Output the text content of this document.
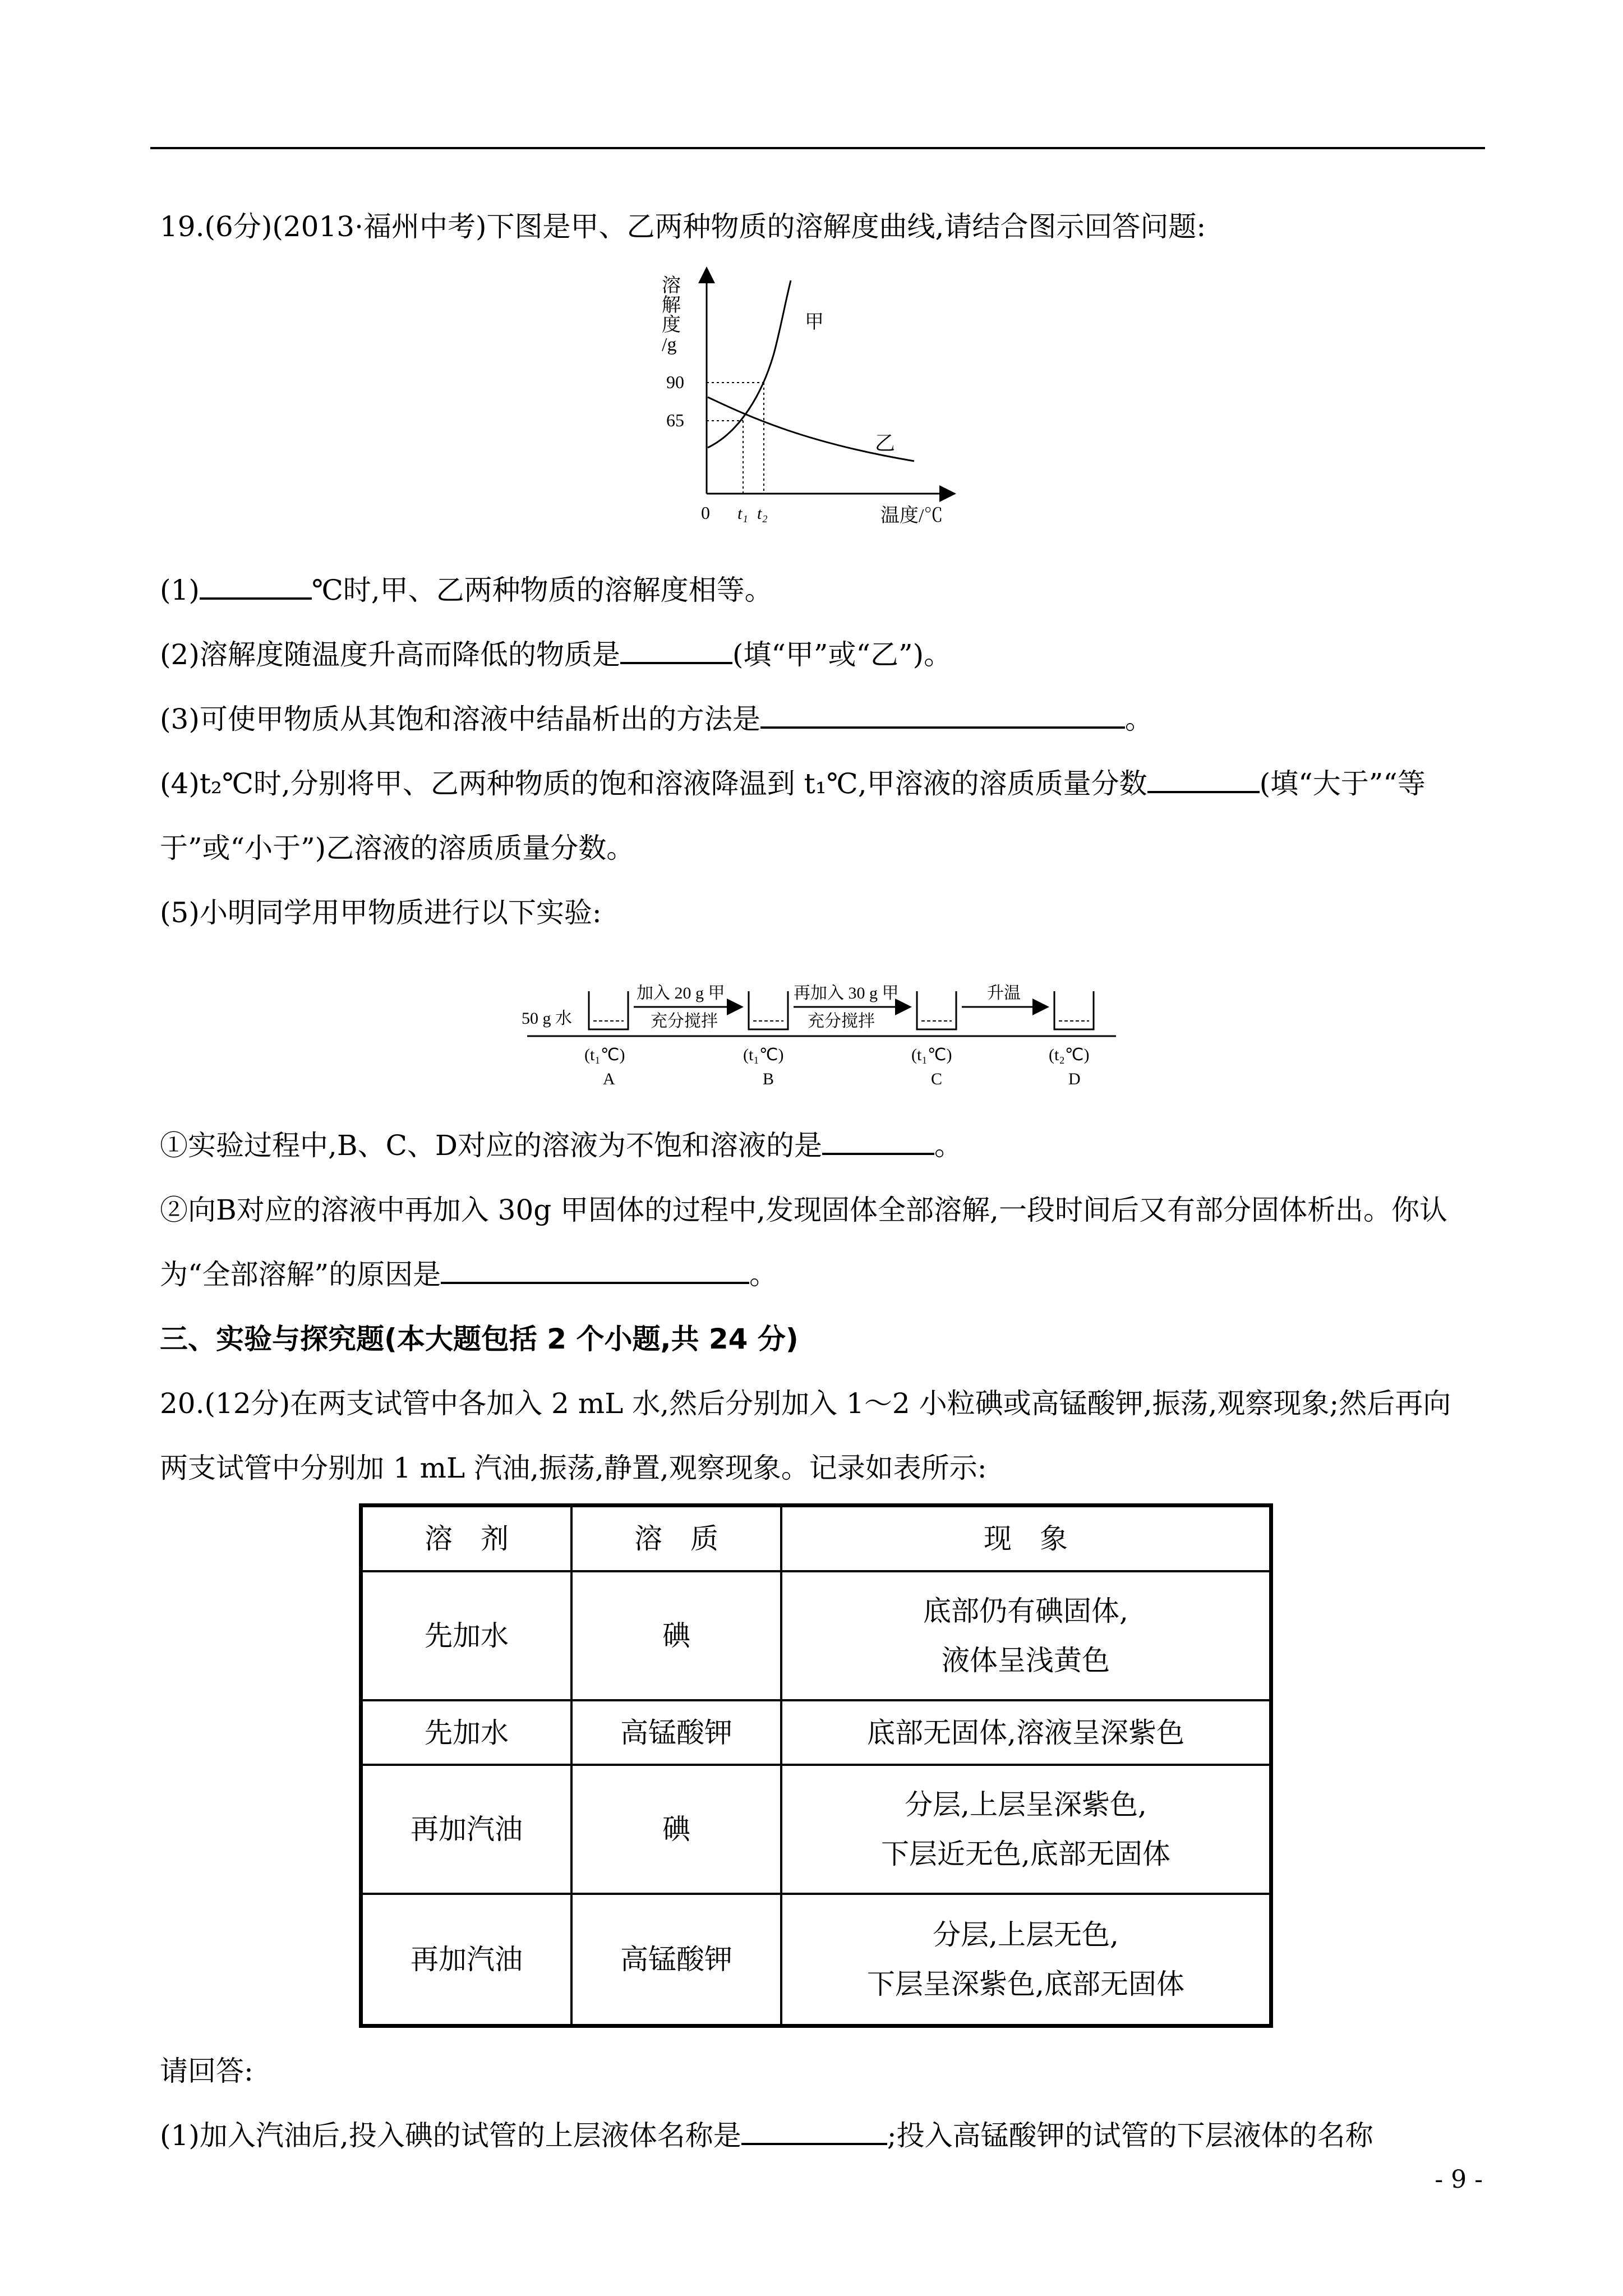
19.(6分)(2013·福州中考)下图是甲、乙两种物质的溶解度曲线,请结合图示回答问题:
溶
解
度
/g
90
65
0 t₁ t₂	温度/℃
甲
乙
(1)	℃时,甲、乙两种物质的溶解度相等。
(2)溶解度随温度升高而降低的物质是	(填“甲”或“乙”)。
(3)可使甲物质从其饱和溶液中结晶析出的方法是	。
(4)t₂℃时,分别将甲、乙两种物质的饱和溶液降温到 t₁℃,甲溶液的溶质质量分数	(填“大于”“等
于”或“小于”)乙溶液的溶质质量分数。
(5)小明同学用甲物质进行以下实验:
50 g 水
加入 20 g 甲
充分搅拌
再加入 30 g 甲
充分搅拌
升温
(t₁℃)
A
(t₁℃)
B
(t₁℃)
C
(t₂℃)
D
①实验过程中,B、C、D对应的溶液为不饱和溶液的是	。
②向B对应的溶液中再加入 30g 甲固体的过程中,发现固体全部溶解,一段时间后又有部分固体析出。你认
为“全部溶解”的原因是	。
三、实验与探究题(本大题包括 2 个小题,共 24 分)
20.(12分)在两支试管中各加入 2 mL 水,然后分别加入 1～2 小粒碘或高锰酸钾,振荡,观察现象;然后再向
两支试管中分别加 1 mL 汽油,振荡,静置,观察现象。记录如表所示:
溶　剂	溶　质	现　象
先加水	碘	底部仍有碘固体,
液体呈浅黄色

先加水	高锰酸钾	底部无固体,溶液呈深紫色

再加汽油	碘	分层,上层呈深紫色,
下层近无色,底部无固体

再加汽油	高锰酸钾	分层,上层无色,
下层呈深紫色,底部无固体
请回答:
(1)加入汽油后,投入碘的试管的上层液体名称是	;投入高锰酸钾的试管的下层液体的名称
- 9 -
